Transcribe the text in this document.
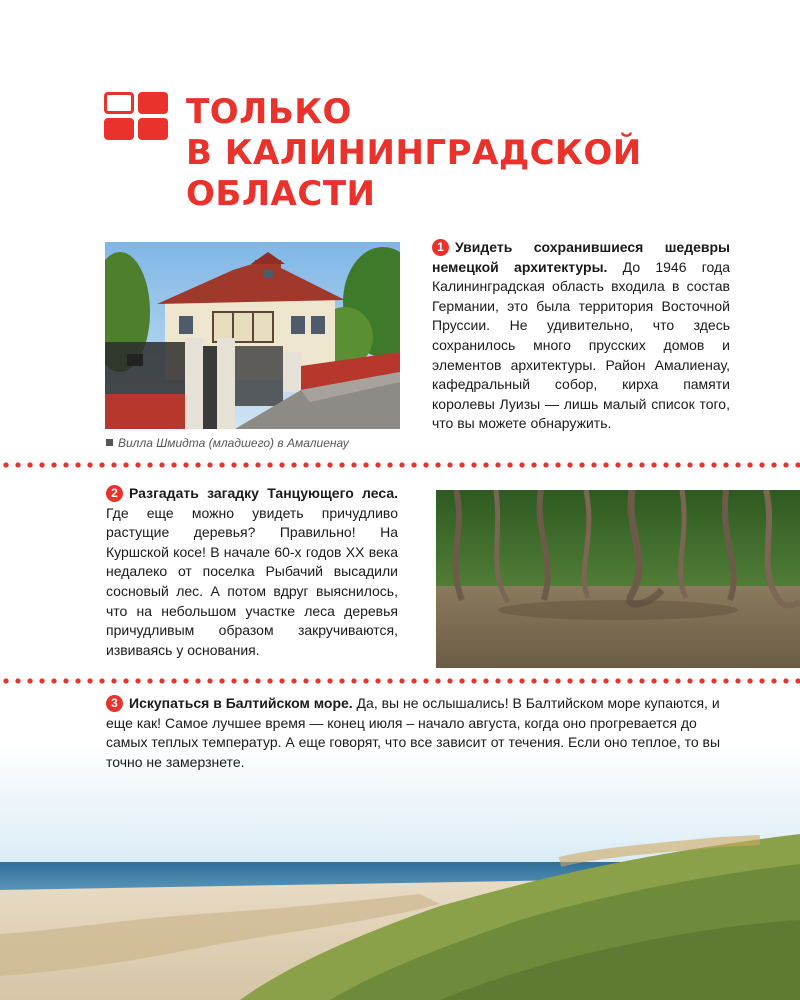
ТОЛЬКО
В КАЛИНИНГРАДСКОЙ
ОБЛАСТИ
Вилла Шмидта (младшего) в Амалиенау
1 Увидеть сохранившиеся шедевры немецкой архитектуры. До 1946 года Калининградская область входила в состав Германии, это была территория Восточной Пруссии. Не удивительно, что здесь сохранилось много прусских домов и элементов архитектуры. Район Амалиенау, кафедральный собор, кирха памяти королевы Луизы — лишь малый список того, что вы можете обнаружить.
2 Разгадать загадку Танцующего леса. Где еще можно увидеть причудливо растущие деревья? Правильно! На Куршской косе! В начале 60-х годов XX века недалеко от поселка Рыбачий высадили сосновый лес. А потом вдруг выяснилось, что на небольшом участке леса деревья причудливым образом закручиваются, извиваясь у основания.
3 Искупаться в Балтийском море. Да, вы не ослышались! В Балтийском море купаются, и еще как! Самое лучшее время — конец июля – начало августа, когда оно прогревается до самых теплых температур. А еще говорят, что все зависит от течения. Если оно теплое, то вы точно не замерзнете.
